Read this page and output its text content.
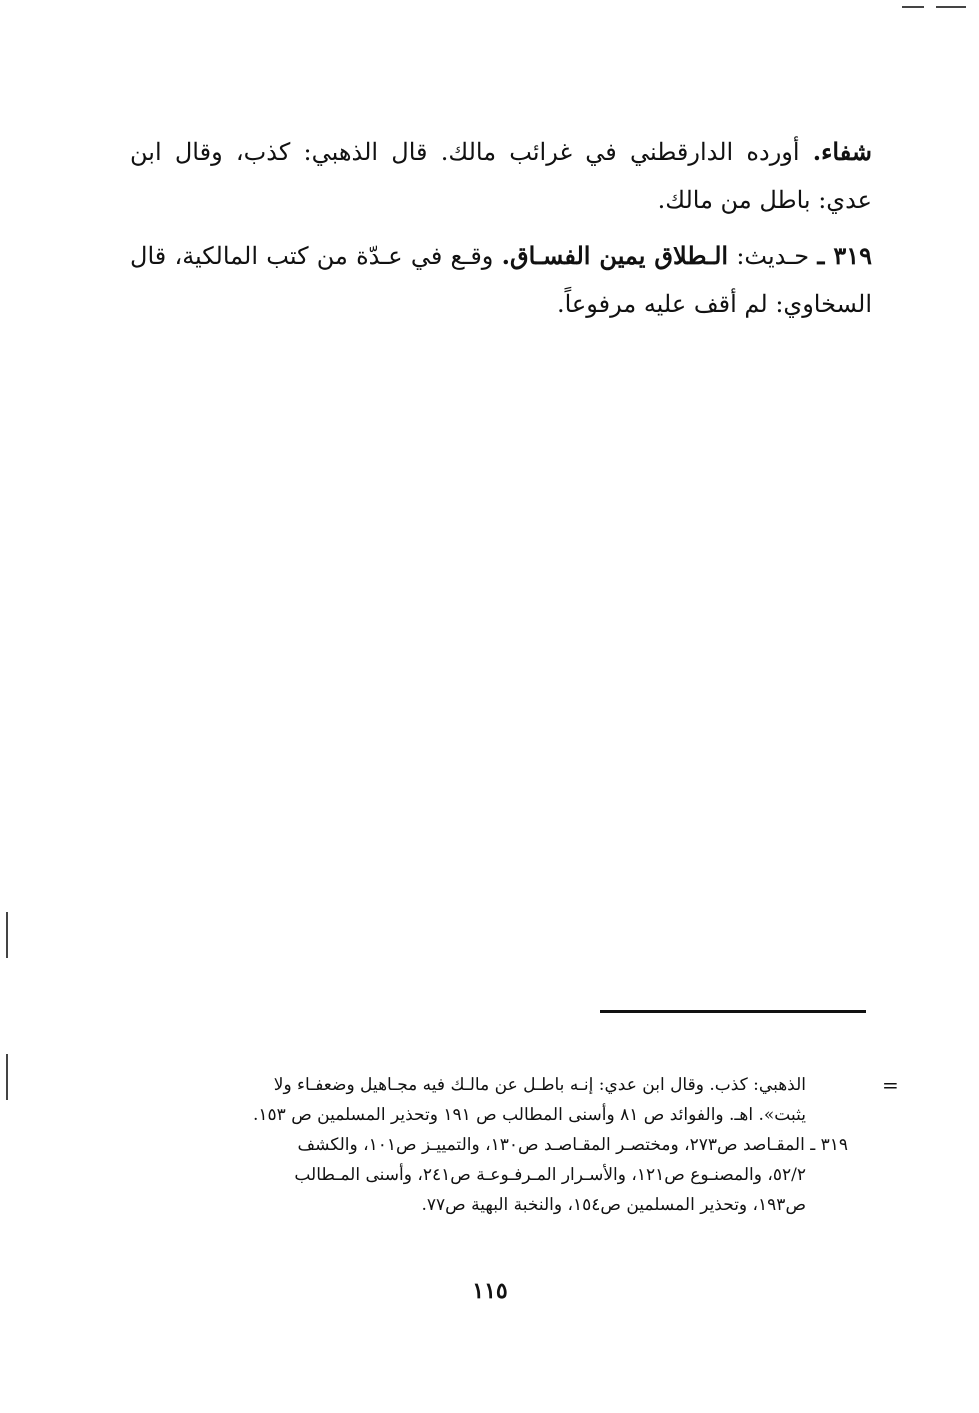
شفاء. أورده الدارقطني في غرائب مالك. قال الذهبي: كذب، وقال ابن عدي: باطل من مالك.

٣١٩ ـ حـديث: الـطلاق يمين الفسـاق. وقـع في عـدّة من كتب المالكية، قال السخاوي: لم أقف عليه مرفوعاً.

=
الذهبي: كذب. وقال ابن عدي: إنـه باطـل عن مالـك فيه مجـاهيل وضعفـاء ولا
يثبت». اهـ. والفوائد ص ٨١ وأسنى المطالب ص ١٩١ وتحذير المسلمين ص ١٥٣.
٣١٩ ـ المقـاصد ص٢٧٣، ومختصـر المقـاصـد ص١٣٠، والتمييـز ص١٠١، والكشف
٥٢/٢، والمصنـوع ص١٢١، والأسـرار المـرفـوعـة ص٢٤١، وأسنى المـطالب
ص١٩٣، وتحذير المسلمين ص١٥٤، والنخبة البهية ص٧٧.
١١٥
